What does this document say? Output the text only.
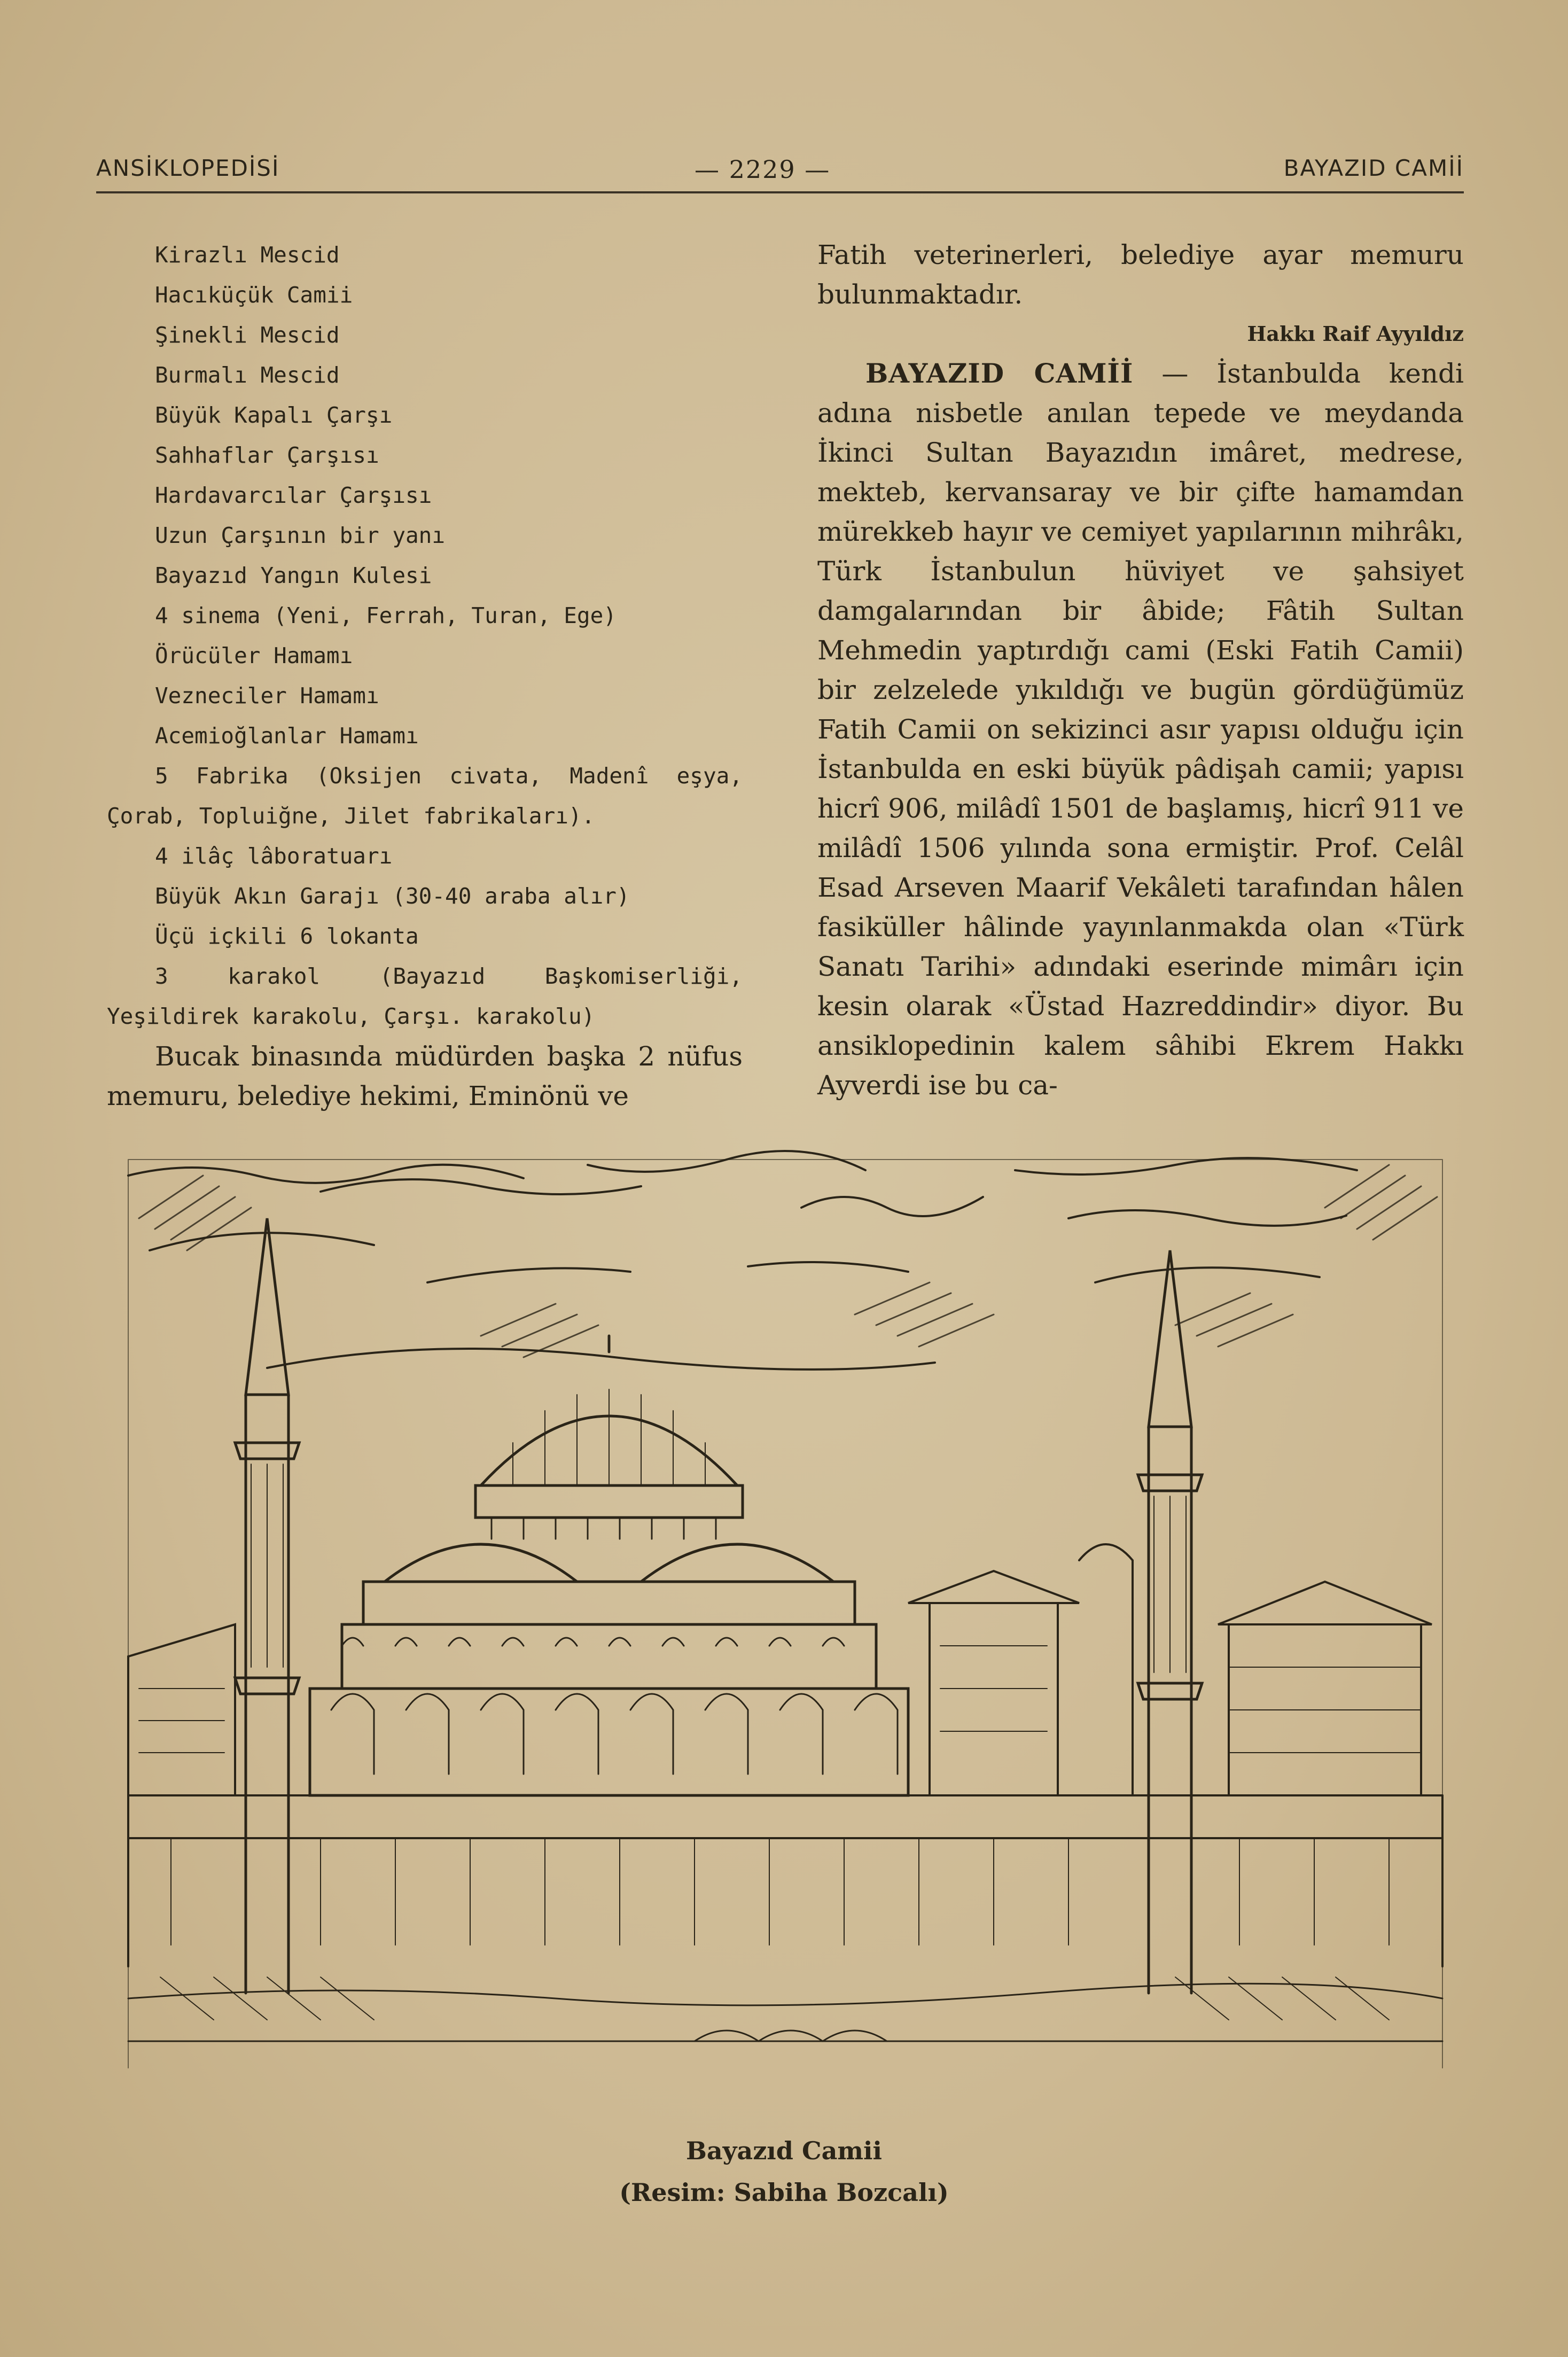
ANSİKLOPEDİSİ	— 2229 —	BAYAZID CAMİİ
Kirazlı Mescid
Hacıküçük Camii
Şinekli Mescid
Burmalı Mescid
Büyük Kapalı Çarşı
Sahhaflar Çarşısı
Hardavarcılar Çarşısı
Uzun Çarşının bir yanı
Bayazıd Yangın Kulesi
4 sinema (Yeni, Ferrah, Turan, Ege)
Örücüler Hamamı
Vezneciler Hamamı
Acemioğlanlar Hamamı
5 Fabrika (Oksijen civata, Madenî eşya, Çorab, Topluiğne, Jilet fabrikaları).
4 ilâç lâboratuarı
Büyük Akın Garajı (30-40 araba alır)
Üçü içkili 6 lokanta
3 karakol (Bayazıd Başkomiserliği, Yeşildirek karakolu, Çarşı. karakolu)
Bucak binasında müdürden başka 2 nüfus memuru, belediye hekimi, Eminönü ve
Fatih veterinerleri, belediye ayar memuru bulunmaktadır.
Hakkı Raif Ayyıldız
BAYAZID CAMİİ — İstanbulda kendi adına nisbetle anılan tepede ve meydanda İkinci Sultan Bayazıdın imâret, medrese, mekteb, kervansaray ve bir çifte hamamdan mürekkeb hayır ve cemiyet yapılarının mihrâkı, Türk İstanbulun hüviyet ve şahsiyet damgalarından bir âbide; Fâtih Sultan Mehmedin yaptırdığı cami (Eski Fatih Camii) bir zelzelede yıkıldığı ve bugün gördüğümüz Fatih Camii on sekizinci asır yapısı olduğu için İstanbulda en eski büyük pâdişah camii; yapısı hicrî 906, milâdî 1501 de başlamış, hicrî 911 ve milâdî 1506 yılında sona ermiştir. Prof. Celâl Esad Arseven Maarif Vekâleti tarafından hâlen fasiküller hâlinde yayınlanmakda olan «Türk Sanatı Tarihi» adındaki eserinde mimârı için kesin olarak «Üstad Hazreddindir» diyor. Bu ansiklopedinin kalem sâhibi Ekrem Hakkı Ayverdi ise bu ca-
Bayazıd Camii
(Resim: Sabiha Bozcalı)
